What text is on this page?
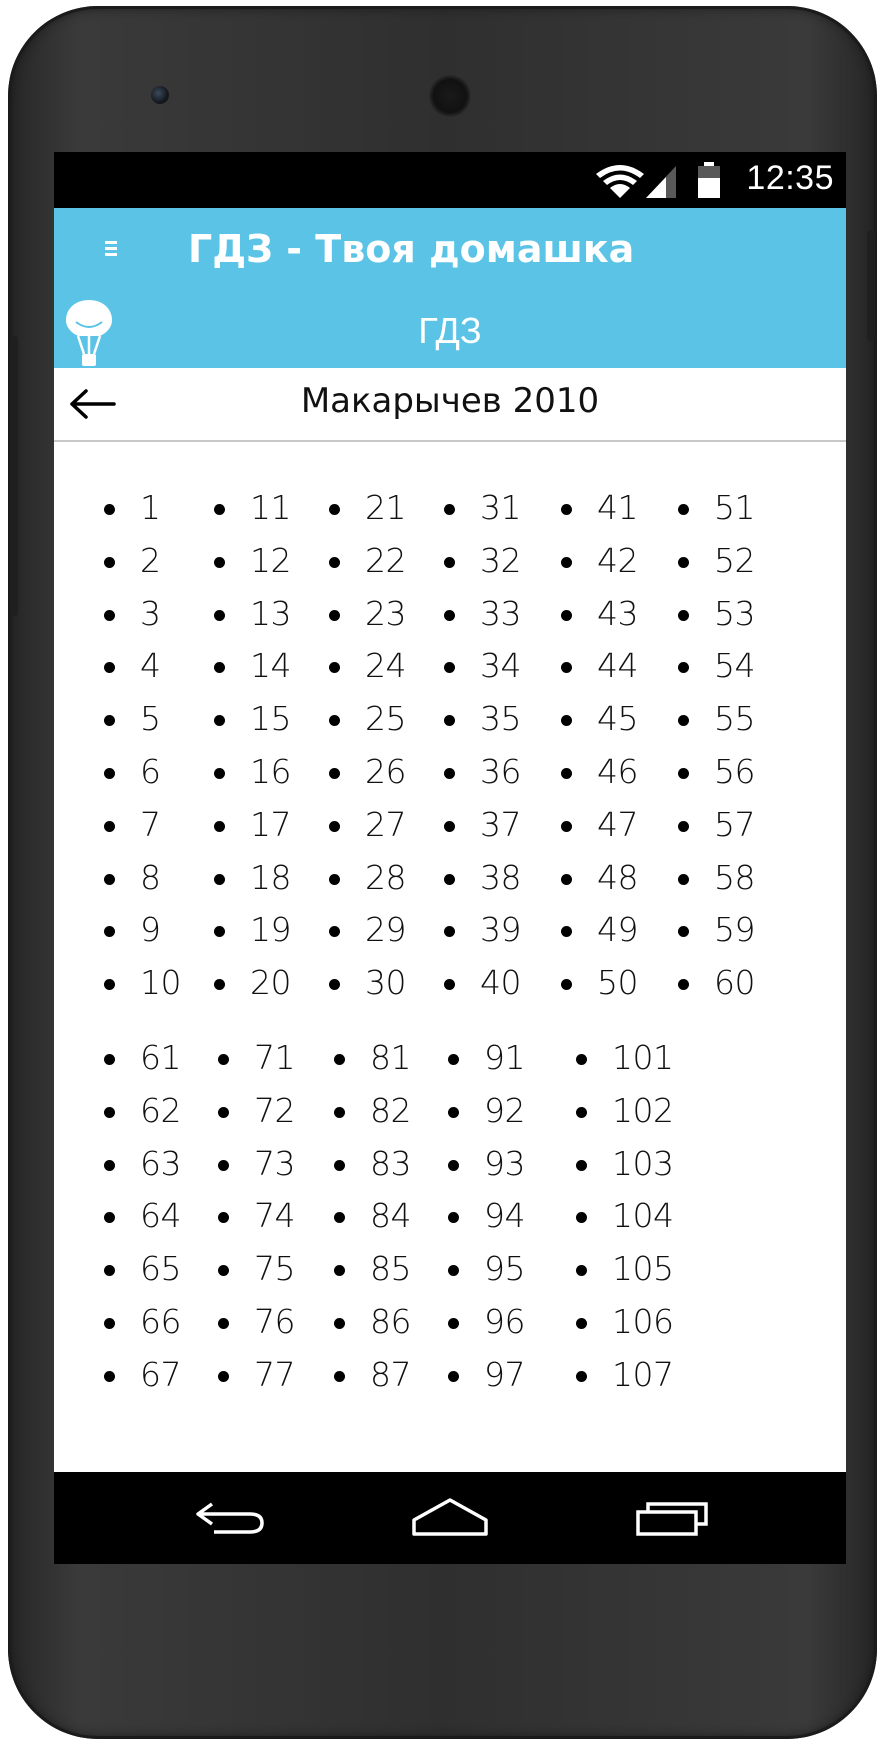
12:35
ГДЗ - Твоя домашка
ГДЗ
Макарычев 2010
1
2
3
4
5
6
7
8
9
10
11
12
13
14
15
16
17
18
19
20
21
22
23
24
25
26
27
28
29
30
31
32
33
34
35
36
37
38
39
40
41
42
43
44
45
46
47
48
49
50
51
52
53
54
55
56
57
58
59
60
61
62
63
64
65
66
67
71
72
73
74
75
76
77
81
82
83
84
85
86
87
91
92
93
94
95
96
97
101
102
103
104
105
106
107
